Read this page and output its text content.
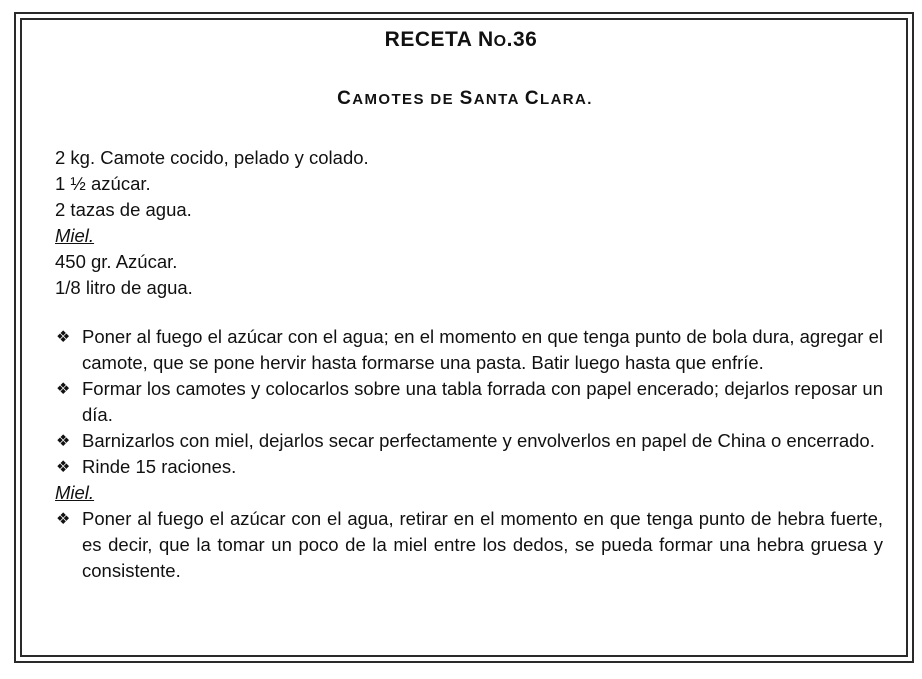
RECETA NO.36
CAMOTES DE SANTA CLARA.
2 kg. Camote cocido, pelado y colado.
1 ½ azúcar.
2 tazas de agua.
Miel.
450 gr. Azúcar.
1/8 litro de agua.
❖ Poner al fuego el azúcar con el agua; en el momento en que tenga punto de bola dura, agregar el camote, que se pone hervir hasta formarse una pasta. Batir luego hasta que enfríe.
❖ Formar los camotes y colocarlos sobre una tabla forrada con papel encerado; dejarlos reposar un día.
❖ Barnizarlos con miel, dejarlos secar perfectamente y envolverlos en papel de China o encerrado.
❖ Rinde 15 raciones.
Miel.
❖ Poner al fuego el azúcar con el agua, retirar en el momento en que tenga punto de hebra fuerte, es decir, que la tomar un poco de la miel entre los dedos, se pueda formar una hebra gruesa y consistente.
